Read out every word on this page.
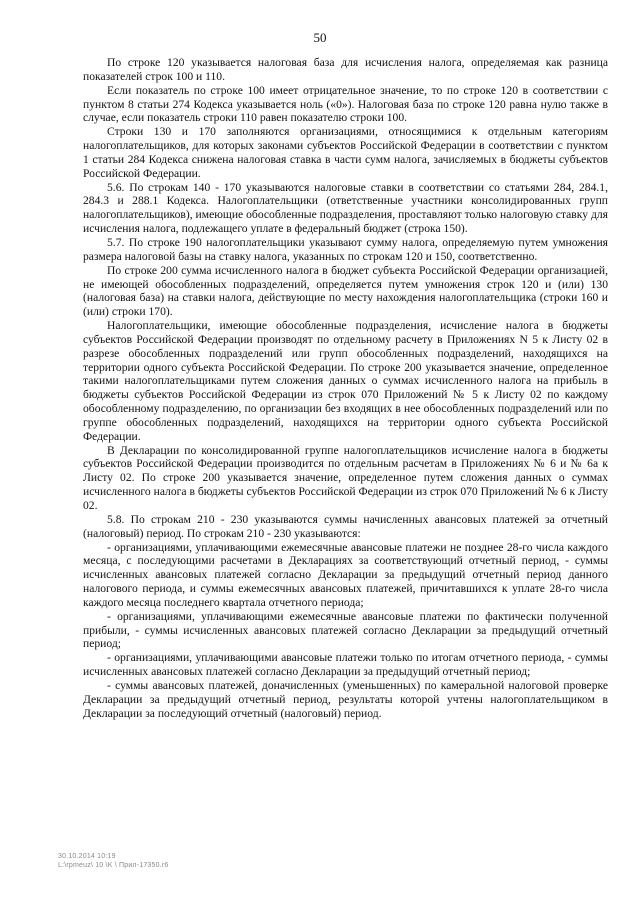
50

По строке 120 указывается налоговая база для исчисления налога, определяемая как разница показателей строк 100 и 110.

Если показатель по строке 100 имеет отрицательное значение, то по строке 120 в соответствии с пунктом 8 статьи 274 Кодекса указывается ноль («0»). Налоговая база по строке 120 равна нулю также в случае, если показатель строки 110 равен показателю строки 100.

Строки 130 и 170 заполняются организациями, относящимися к отдельным категориям налогоплательщиков, для которых законами субъектов Российской Федерации в соответствии с пунктом 1 статьи 284 Кодекса снижена налоговая ставка в части сумм налога, зачисляемых в бюджеты субъектов Российской Федерации.

5.6. По строкам 140 - 170 указываются налоговые ставки в соответствии со статьями 284, 284.1, 284.3 и 288.1 Кодекса. Налогоплательщики (ответственные участники консолидированных групп налогоплательщиков), имеющие обособленные подразделения, проставляют только налоговую ставку для исчисления налога, подлежащего уплате в федеральный бюджет (строка 150).

5.7. По строке 190 налогоплательщики указывают сумму налога, определяемую путем умножения размера налоговой базы на ставку налога, указанных по строкам 120 и 150, соответственно.

По строке 200 сумма исчисленного налога в бюджет субъекта Российской Федерации организацией, не имеющей обособленных подразделений, определяется путем умножения строк 120 и (или) 130 (налоговая база) на ставки налога, действующие по месту нахождения налогоплательщика (строки 160 и (или) строки 170).

Налогоплательщики, имеющие обособленные подразделения, исчисление налога в бюджеты субъектов Российской Федерации производят по отдельному расчету в Приложениях N 5 к Листу 02 в разрезе обособленных подразделений или групп обособленных подразделений, находящихся на территории одного субъекта Российской Федерации. По строке 200 указывается значение, определенное такими налогоплательщиками путем сложения данных о суммах исчисленного налога на прибыль в бюджеты субъектов Российской Федерации из строк 070 Приложений № 5 к Листу 02 по каждому обособленному подразделению, по организации без входящих в нее обособленных подразделений или по группе обособленных подразделений, находящихся на территории одного субъекта Российской Федерации.

В Декларации по консолидированной группе налогоплательщиков исчисление налога в бюджеты субъектов Российской Федерации производится по отдельным расчетам в Приложениях № 6 и № 6а к Листу 02. По строке 200 указывается значение, определенное путем сложения данных о суммах исчисленного налога в бюджеты субъектов Российской Федерации из строк 070 Приложений № 6 к Листу 02.

5.8. По строкам 210 - 230 указываются суммы начисленных авансовых платежей за отчетный (налоговый) период. По строкам 210 - 230 указываются:

- организациями, уплачивающими ежемесячные авансовые платежи не позднее 28-го числа каждого месяца, с последующими расчетами в Декларациях за соответствующий отчетный период, - суммы исчисленных авансовых платежей согласно Декларации за предыдущий отчетный период данного налогового периода, и суммы ежемесячных авансовых платежей, причитавшихся к уплате 28-го числа каждого месяца последнего квартала отчетного периода;

- организациями, уплачивающими ежемесячные авансовые платежи по фактически полученной прибыли, - суммы исчисленных авансовых платежей согласно Декларации за предыдущий отчетный период;

- организациями, уплачивающими авансовые платежи только по итогам отчетного периода, - суммы исчисленных авансовых платежей согласно Декларации за предыдущий отчетный период;

- суммы авансовых платежей, доначисленных (уменьшенных) по камеральной налоговой проверке Декларации за предыдущий отчетный период, результаты которой учтены налогоплательщиком в Декларации за последующий отчетный (налоговый) период.

30.10.2014 10:19
L:\rpmeuz\ 10 \K \ Прил-17350.r6
